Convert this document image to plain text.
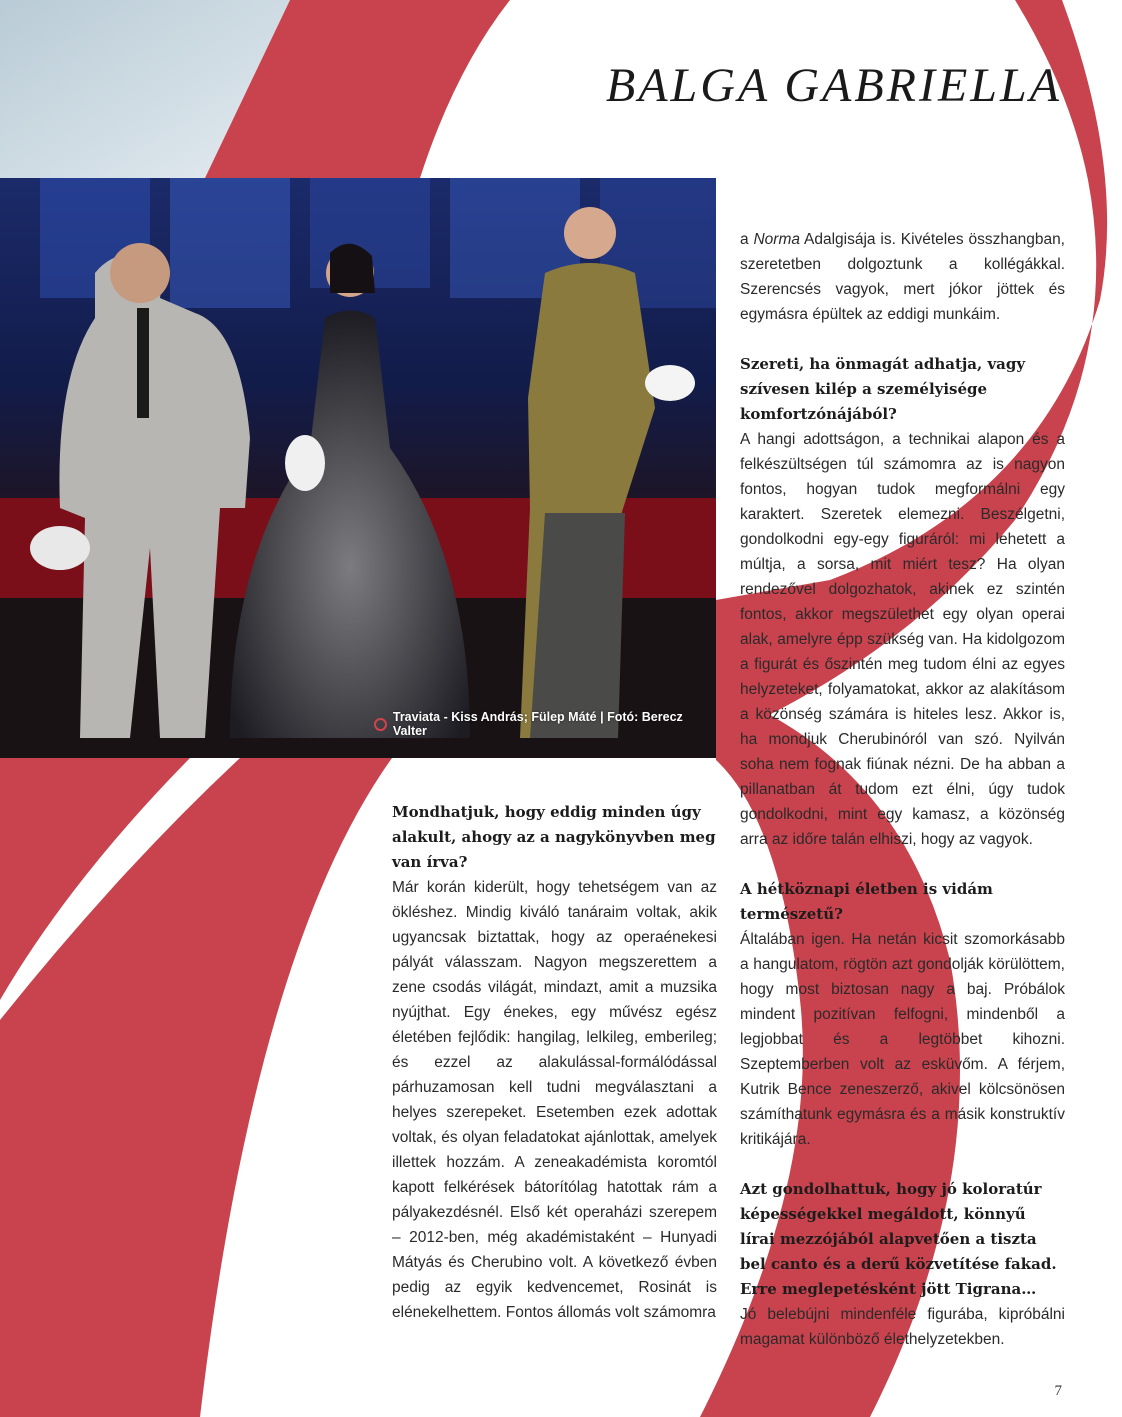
BALGA GABRIELLA
Traviata - Kiss András; Fülep Máté | Fotó: Berecz Valter

a Norma Adalgisája is. Kivételes összhangban, szeretetben dolgoztunk a kollégákkal. Szerencsés vagyok, mert jókor jöttek és egymásra épültek az eddigi munkáim.

Szereti, ha önmagát adhatja, vagy szívesen kilép a személyisége komfortzónájából?

A hangi adottságon, a technikai alapon és a felkészültségen túl számomra az is nagyon fontos, hogyan tudok megformálni egy karaktert. Szeretek elemezni. Beszélgetni, gondolkodni egy-egy figuráról: mi lehetett a múltja, a sorsa, mit miért tesz? Ha olyan rendezővel dolgozhatok, akinek ez szintén fontos, akkor megszülethet egy olyan operai alak, amelyre épp szükség van. Ha kidolgozom a figurát és őszintén meg tudom élni az egyes helyzeteket, folyamatokat, akkor az alakításom a közönség számára is hiteles lesz. Akkor is, ha mondjuk Cherubinóról van szó. Nyilván soha nem fognak fiúnak nézni. De ha abban a pillanatban át tudom ezt élni, úgy tudok gondolkodni, mint egy kamasz, a közönség arra az időre talán elhiszi, hogy az vagyok.

A hétköznapi életben is vidám természetű?

Általában igen. Ha netán kicsit szomorkásabb a hangulatom, rögtön azt gondolják körülöttem, hogy most biztosan nagy a baj. Próbálok mindent pozitívan felfogni, mindenből a legjobbat és a legtöbbet kihozni. Szeptemberben volt az esküvőm. A férjem, Kutrik Bence zeneszerző, akivel kölcsönösen számíthatunk egymásra és a másik konstruktív kritikájára.

Azt gondolhattuk, hogy jó koloratúr képességekkel megáldott, könnyű lírai mezzójából alapvetően a tiszta bel canto és a derű közvetítése fakad. Erre meglepetésként jött Tigrana…

Jó belebújni mindenféle figurába, kipróbálni magamat különböző élethelyzetekben.

Mondhatjuk, hogy eddig minden úgy alakult, ahogy az a nagykönyvben meg van írva?

Már korán kiderült, hogy tehetségem van az ökléshez. Mindig kiváló tanáraim voltak, akik ugyancsak biztattak, hogy az operaénekesi pályát válasszam. Nagyon megszerettem a zene csodás világát, mindazt, amit a muzsika nyújthat. Egy énekes, egy művész egész életében fejlődik: hangilag, lelkileg, emberileg; és ezzel az alakulással-formálódással párhuzamosan kell tudni megválasztani a helyes szerepeket. Esetemben ezek adottak voltak, és olyan feladatokat ajánlottak, amelyek illettek hozzám. A zeneakadémista koromtól kapott felkérések bátorítólag hatottak rám a pályakezdésnél. Első két operaházi szerepem – 2012-ben, még akadémistaként – Hunyadi Mátyás és Cherubino volt. A következő évben pedig az egyik kedvencemet, Rosinát is elénekelhettem. Fontos állomás volt számomra

7
